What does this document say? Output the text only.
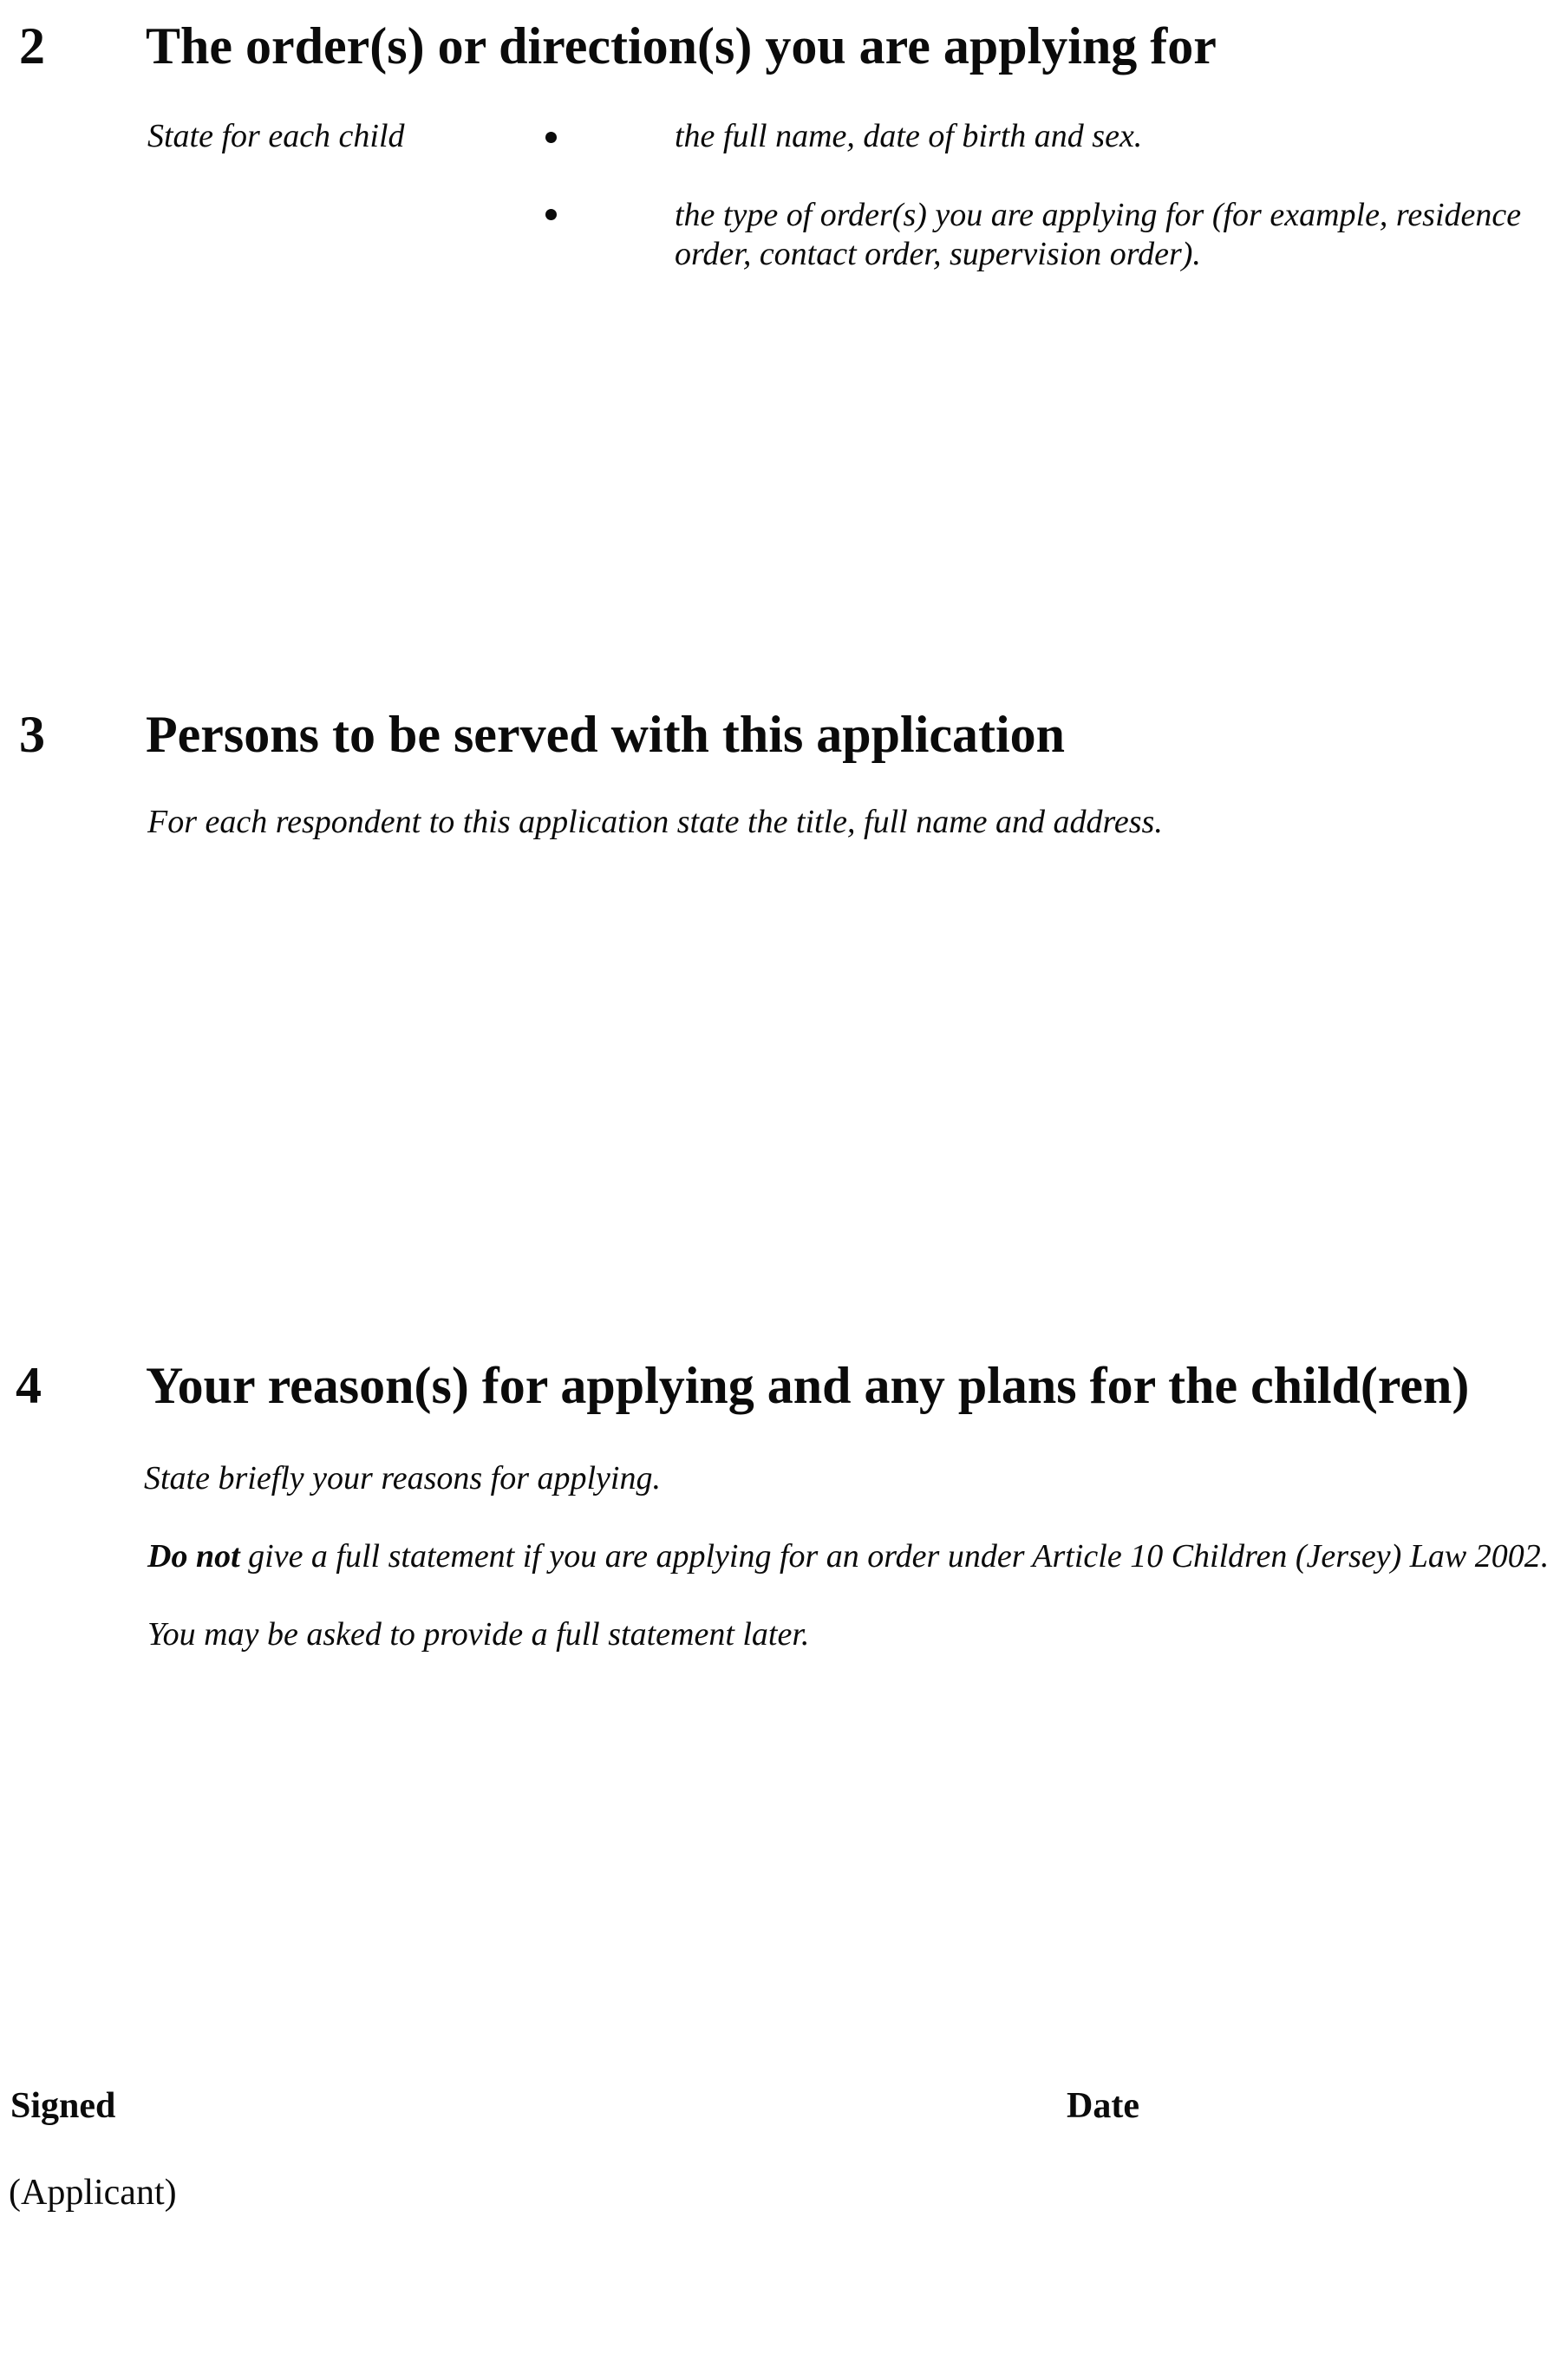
2 The order(s) or direction(s) you are applying for
State for each child	the full name, date of birth and sex.
the type of order(s) you are applying for (for example, residence order, contact order, supervision order).
3 Persons to be served with this application
For each respondent to this application state the title, full name and address.
4 Your reason(s) for applying and any plans for the child(ren)
State briefly your reasons for applying.
Do not give a full statement if you are applying for an order under Article 10 Children (Jersey) Law 2002.
You may be asked to provide a full statement later.
Signed	Date
(Applicant)
